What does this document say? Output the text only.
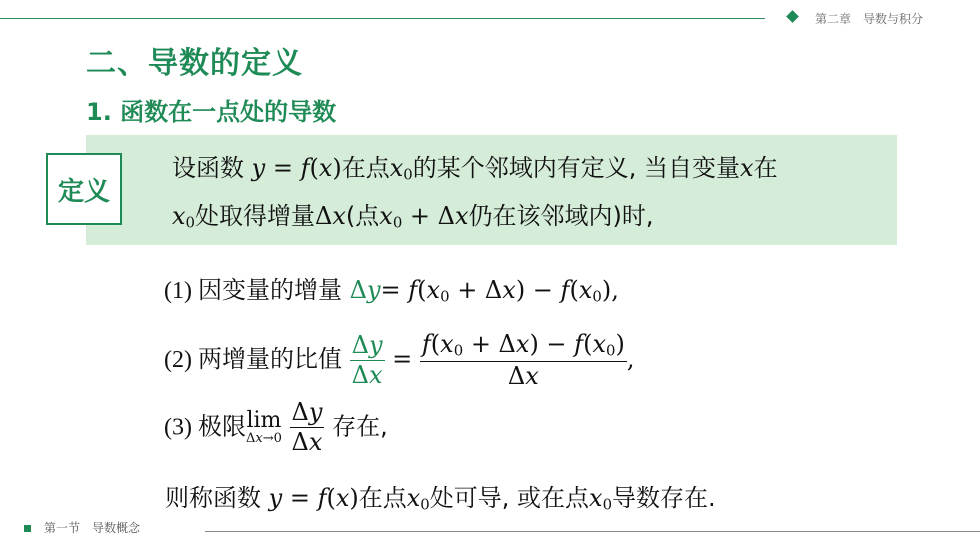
第二章　导数与积分
二、导数的定义
1. 函数在一点处的导数
定义
设函数 y = f(x)在点$x_0$的某个邻域内有定义, 当自变量x在
$x_0$处取得增量Δx(点$x_0 + \Delta x$仍在该邻域内)时,
(1) 因变量的增量 $\Delta y= f(x_0 + \Delta x) - f(x_0)$,
(2) 两增量的比值 $\frac{\Delta y}{\Delta x} = \frac{f(x_0 + \Delta x) - f(x_0)}{\Delta x}$ ,
(3) 极限 lim
Δx→0
$\frac{\Delta y}{\Delta x}$ 存在,
则称函数 y = f(x)在点$x_0$处可导, 或在点$x_0$导数存在.
第一节　导数概念
